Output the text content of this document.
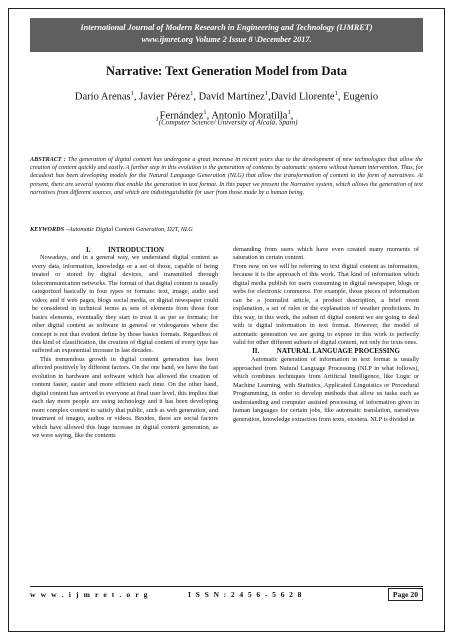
International Journal of Modern Research in Engineering and Technology (IJMRET)
www.ijmret.org Volume 2 Issue 8 \December 2017.
Narrative: Text Generation Model from Data
Darío Arenas$^1$, Javier Pérez$^1$, David Martínez$^1$,David Llorente$^1$, Eugenio Fernández$^1$, Antonio Moratilla$^1$,
$^1$(Computer Science/ University of Alcalá, Spain)
ABSTRACT : The generation of digital content has undergone a great increase in recent years due to the development of new technologies that allow the creation of content quickly and easily. A further step in this evolution is the generation of contents by automatic systems without human intervention. Thus, for decadesit has been developing models for the Natural Language Generation (NLG) that allow the transformation of content to the form of narratives. At present, there are several systems that enable the generation in text format. In this paper we present the Narrative system, which allows the generation of text narratives from different sources, and which are indistinguishable for user from those made by a human being.
KEYWORDS –Automatic Digital Content Generation, D2T, NLG

I.          INTRODUCTION

Nowadays, and in a general way, we understand digital content as every data, information, knowledge or a set of those, capable of being treated or stored by digital devices, and transmitted through telecommunication networks. The format of that digital content is usually categorized basically in four types or formats: text, image, audio and video; and if web pages, blogs social media, or digital newspaper could be considered in technical terms as sets of elements from those four basics elements, eventually they start to treat it as per se formats; for other digital content as software in general or videogames where the concept is not that evident define by those basics formats. Regardless of this kind of classification, the creation of digital content of every type has suffered an exponential increase in last decades.

This tremendous growth in digital content generation has been affected positively by different factors. On the one hand, we have the fast evolution in hardware and software which has allowed the creation of content faster, easier and more efficient each time. On the other hand, digital content has arrived to everyone at final user level, this implies that each day more people are using technology and it has been developing more complex content to satisfy that public, such as web generation, and treatment of images, audios or videos. Besides, there are social factors which have allowed this huge increase in digital content generation, as we were saying, like the contents

demanding from users which have even created many moments of saturation in certain content.

From now on we will be referring to text digital content as information, because it is the approach of this work. That kind of information which digital media publish for users consuming in digital newspaper, blogs or webs for electronic commerce. For example, those pieces of information can be a journalist article, a product description, a brief event explanation, a set of rules or the explanation of weather predictions. In this way, in this work, the subset of digital content we are going to deal with is digital information in text format. However, the model of automatic generation we are going to expose in this work is perfectly valid for other different subsets of digital content, not only for texts ones.

II.          NATURAL LANGUAGE PROCESSING

Automatic generation of information in text format is usually approached from Natural Language Processing (NLP in what follows), which combines techniques from Artificial Intelligence, like Logic or Machine Learning, with Statistics, Applicated Linguistics or Procedural Programming, in order to develop methods that allow us tasks such as understanding and computer assisted processing of information given in human languages for certain jobs, like automatic translation, narratives generation, knowledge extraction from texts, etcetera. NLP is divided in

w w w . i j m r e t . o r g	I S S N : 2 4 5 6 - 5 6 2 8	Page 20
